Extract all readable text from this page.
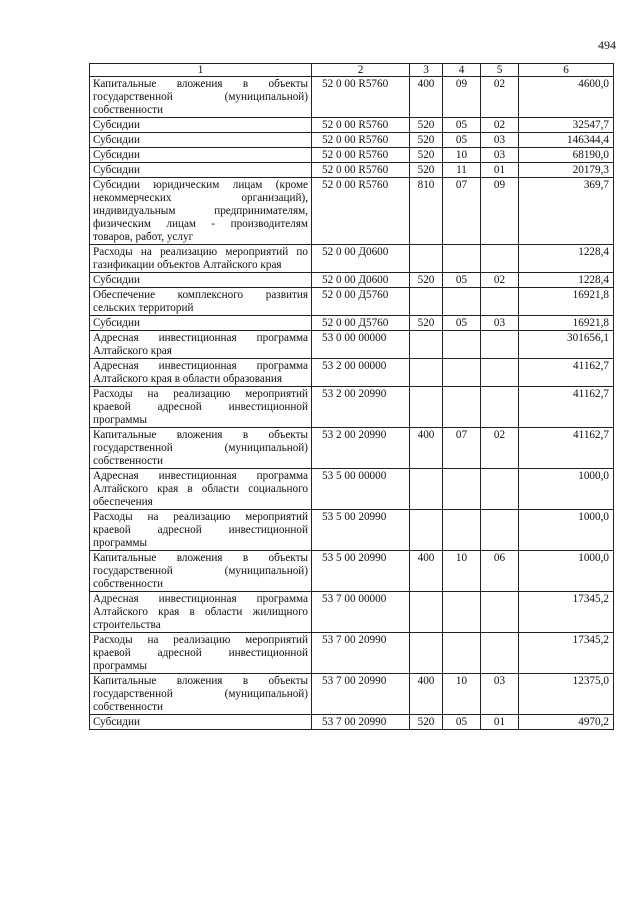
494
1	2	3	4	5	6
Капитальные вложения в объекты государственной (муниципальной) собственности	52 0 00 R5760	400	09	02	4600,0
Субсидии	52 0 00 R5760	520	05	02	32547,7
Субсидии	52 0 00 R5760	520	05	03	146344,4
Субсидии	52 0 00 R5760	520	10	03	68190,0
Субсидии	52 0 00 R5760	520	11	01	20179,3
Субсидии юридическим лицам (кроме некоммерческих организаций), индивидуальным предпринимателям, физическим лицам - производителям товаров, работ, услуг	52 0 00 R5760	810	07	09	369,7
Расходы на реализацию мероприятий по газификации объектов Алтайского края	52 0 00 Д0600				1228,4
Субсидии	52 0 00 Д0600	520	05	02	1228,4
Обеспечение комплексного развития сельских территорий	52 0 00 Д5760				16921,8
Субсидии	52 0 00 Д5760	520	05	03	16921,8
Адресная инвестиционная программа Алтайского края	53 0 00 00000				301656,1
Адресная инвестиционная программа Алтайского края в области образования	53 2 00 00000				41162,7
Расходы на реализацию мероприятий краевой адресной инвестиционной программы	53 2 00 20990				41162,7
Капитальные вложения в объекты государственной (муниципальной) собственности	53 2 00 20990	400	07	02	41162,7
Адресная инвестиционная программа Алтайского края в области социального обеспечения	53 5 00 00000				1000,0
Расходы на реализацию мероприятий краевой адресной инвестиционной программы	53 5 00 20990				1000,0
Капитальные вложения в объекты государственной (муниципальной) собственности	53 5 00 20990	400	10	06	1000,0
Адресная инвестиционная программа Алтайского края в области жилищного строительства	53 7 00 00000				17345,2
Расходы на реализацию мероприятий краевой адресной инвестиционной программы	53 7 00 20990				17345,2
Капитальные вложения в объекты государственной (муниципальной) собственности	53 7 00 20990	400	10	03	12375,0
Субсидии	53 7 00 20990	520	05	01	4970,2
